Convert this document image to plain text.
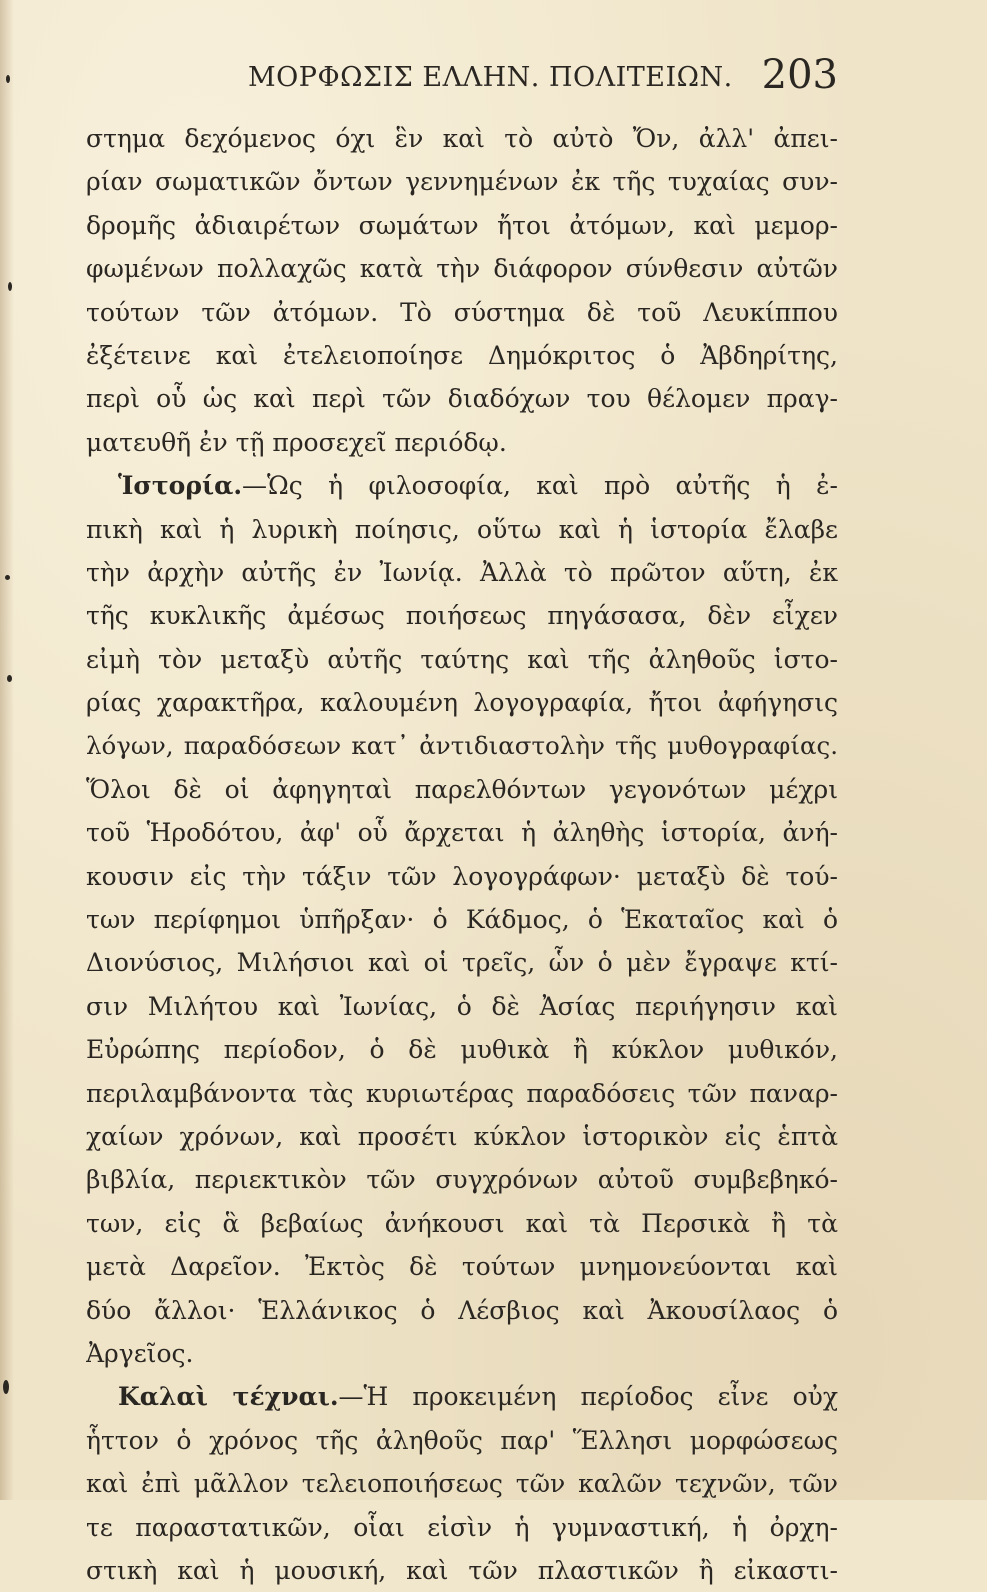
ΜΟΡΦΩΣΙΣ ΕΛΛΗΝ. ΠΟΛΙΤΕΙΩΝ. 203
στημα δεχόμενος όχι ἓν καὶ τὸ αὐτὸ Ὄν, ἀλλ' ἀπει-
ρίαν σωματικῶν ὄντων γεννημένων ἐκ τῆς τυχαίας συν-
δρομῆς ἀδιαιρέτων σωμάτων ἤτοι ἀτόμων, καὶ μεμορ-
φωμένων πολλαχῶς κατὰ τὴν διάφορον σύνθεσιν αὐτῶν
τούτων τῶν ἀτόμων. Τὸ σύστημα δὲ τοῦ Λευκίππου
ἐξέτεινε καὶ ἐτελειοποίησε Δημόκριτος ὁ Ἀβδηρίτης,
περὶ οὗ ὡς καὶ περὶ τῶν διαδόχων του θέλομεν πραγ-
ματευθῆ ἐν τῇ προσεχεῖ περιόδῳ.
Ἱστορία.—Ὡς ἡ φιλοσοφία, καὶ πρὸ αὐτῆς ἡ ἐ-
πικὴ καὶ ἡ λυρικὴ ποίησις, οὕτω καὶ ἡ ἱστορία ἔλαβε
τὴν ἀρχὴν αὐτῆς ἐν Ἰωνίᾳ. Ἀλλὰ τὸ πρῶτον αὕτη, ἐκ
τῆς κυκλικῆς ἀμέσως ποιήσεως πηγάσασα, δὲν εἶχεν
εἰμὴ τὸν μεταξὺ αὐτῆς ταύτης καὶ τῆς ἀληθοῦς ἱστο-
ρίας χαρακτῆρα, καλουμένη λογογραφία, ἤτοι ἀφήγησις
λόγων, παραδόσεων κατ᾽ ἀντιδιαστολὴν τῆς μυθογραφίας.
Ὅλοι δὲ οἱ ἀφηγηταὶ παρελθόντων γεγονότων μέχρι
τοῦ Ἡροδότου, ἀφ' οὗ ἄρχεται ἡ ἀληθὴς ἱστορία, ἀνή-
κουσιν εἰς τὴν τάξιν τῶν λογογράφων· μεταξὺ δὲ τού-
των περίφημοι ὑπῆρξαν· ὁ Κάδμος, ὁ Ἑκαταῖος καὶ ὁ
Διονύσιος, Μιλήσιοι καὶ οἱ τρεῖς, ὧν ὁ μὲν ἔγραψε κτί-
σιν Μιλήτου καὶ Ἰωνίας, ὁ δὲ Ἀσίας περιήγησιν καὶ
Εὐρώπης περίοδον, ὁ δὲ μυθικὰ ἢ κύκλον μυθικόν,
περιλαμβάνοντα τὰς κυριωτέρας παραδόσεις τῶν παναρ-
χαίων χρόνων, καὶ προσέτι κύκλον ἱστορικὸν εἰς ἑπτὰ
βιβλία, περιεκτικὸν τῶν συγχρόνων αὐτοῦ συμβεβηκό-
των, εἰς ἃ βεβαίως ἀνήκουσι καὶ τὰ Περσικὰ ἢ τὰ
μετὰ Δαρεῖον. Ἐκτὸς δὲ τούτων μνημονεύονται καὶ
δύο ἄλλοι· Ἑλλάνικος ὁ Λέσβιος καὶ Ἀκουσίλαος ὁ
Ἀργεῖος.
Καλαὶ τέχναι.—Ἡ προκειμένη περίοδος εἶνε οὐχ
ἧττον ὁ χρόνος τῆς ἀληθοῦς παρ' Ἕλλησι μορφώσεως
καὶ ἐπὶ μᾶλλον τελειοποιήσεως τῶν καλῶν τεχνῶν, τῶν
τε παραστατικῶν, οἷαι εἰσὶν ἡ γυμναστική, ἡ ὀρχη-
στικὴ καὶ ἡ μουσική, καὶ τῶν πλαστικῶν ἢ εἰκαστι-
